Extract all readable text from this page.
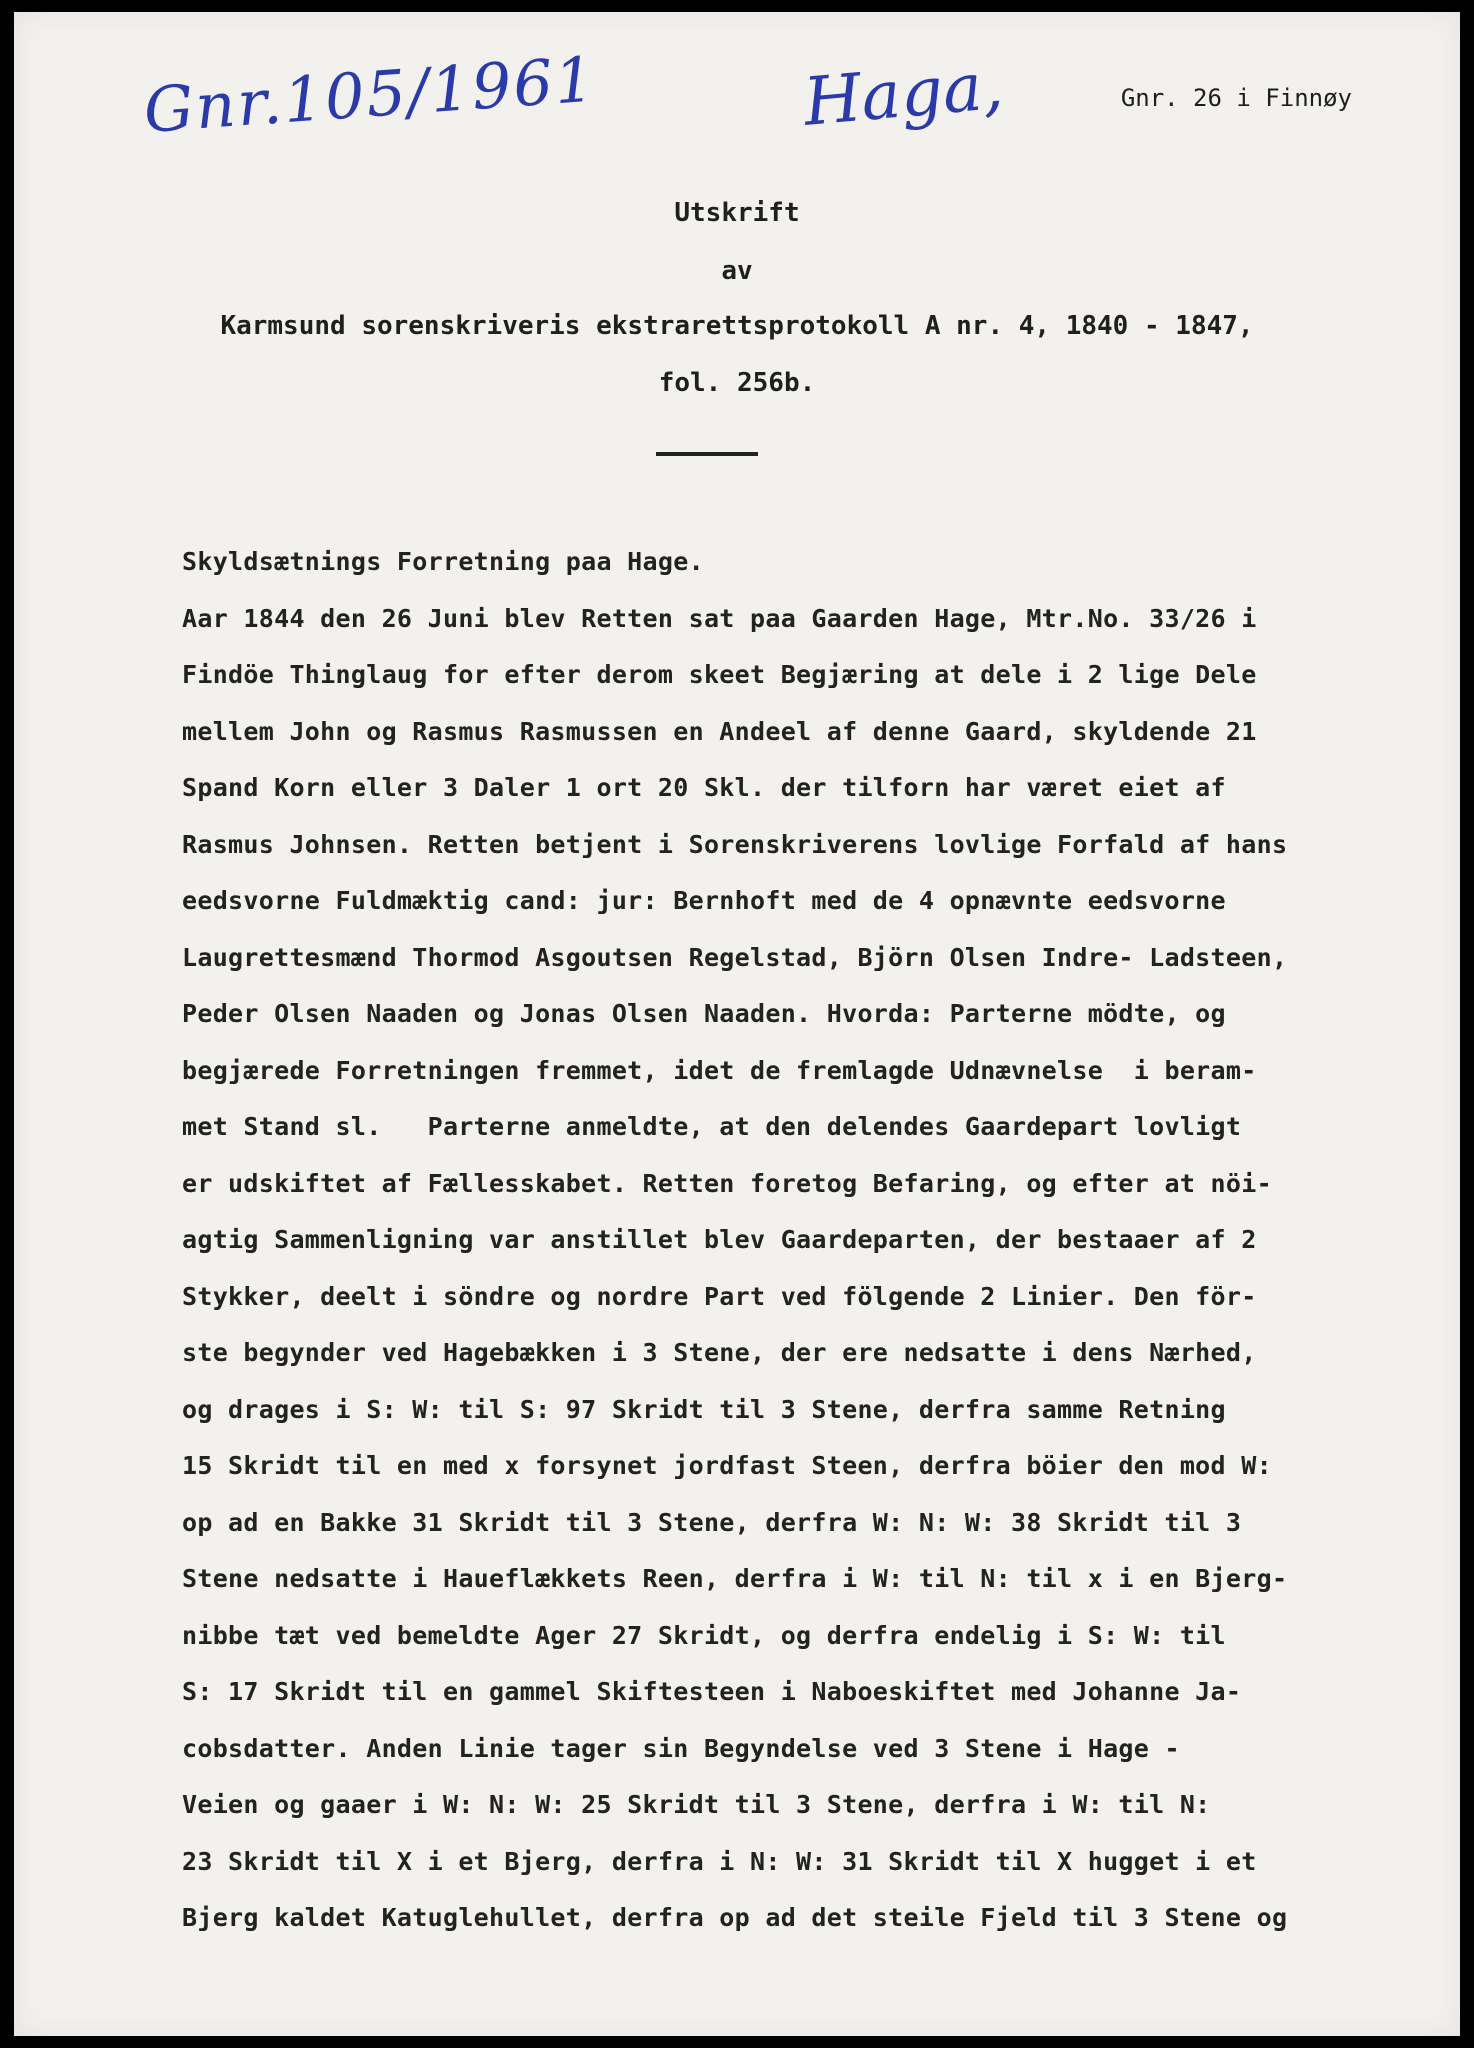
Gnr.105/1961	Haga,	Gnr. 26 i Finnøy
Utskrift
av
Karmsund sorenskriveris ekstrarettsprotokoll A nr. 4, 1840 - 1847,
fol. 256b.
Skyldsætnings Forretning paa Hage.
Aar 1844 den 26 Juni blev Retten sat paa Gaarden Hage, Mtr.No. 33/26 i
Findöe Thinglaug for efter derom skeet Begjæring at dele i 2 lige Dele
mellem John og Rasmus Rasmussen en Andeel af denne Gaard, skyldende 21
Spand Korn eller 3 Daler 1 ort 20 Skl. der tilforn har været eiet af
Rasmus Johnsen. Retten betjent i Sorenskriverens lovlige Forfald af hans
eedsvorne Fuldmæktig cand: jur: Bernhoft med de 4 opnævnte eedsvorne
Laugrettesmænd Thormod Asgoutsen Regelstad, Björn Olsen Indre- Ladsteen,
Peder Olsen Naaden og Jonas Olsen Naaden. Hvorda: Parterne mödte, og
begjærede Forretningen fremmet, idet de fremlagde Udnævnelse  i beram-
met Stand sl.   Parterne anmeldte, at den delendes Gaardepart lovligt
er udskiftet af Fællesskabet. Retten foretog Befaring, og efter at nöi-
agtig Sammenligning var anstillet blev Gaardeparten, der bestaaer af 2
Stykker, deelt i söndre og nordre Part ved fölgende 2 Linier. Den för-
ste begynder ved Hagebækken i 3 Stene, der ere nedsatte i dens Nærhed,
og drages i S: W: til S: 97 Skridt til 3 Stene, derfra samme Retning
15 Skridt til en med x forsynet jordfast Steen, derfra böier den mod W:
op ad en Bakke 31 Skridt til 3 Stene, derfra W: N: W: 38 Skridt til 3
Stene nedsatte i Haueflækkets Reen, derfra i W: til N: til x i en Bjerg-
nibbe tæt ved bemeldte Ager 27 Skridt, og derfra endelig i S: W: til
S: 17 Skridt til en gammel Skiftesteen i Naboeskiftet med Johanne Ja-
cobsdatter. Anden Linie tager sin Begyndelse ved 3 Stene i Hage -
Veien og gaaer i W: N: W: 25 Skridt til 3 Stene, derfra i W: til N:
23 Skridt til X i et Bjerg, derfra i N: W: 31 Skridt til X hugget i et
Bjerg kaldet Katuglehullet, derfra op ad det steile Fjeld til 3 Stene og
